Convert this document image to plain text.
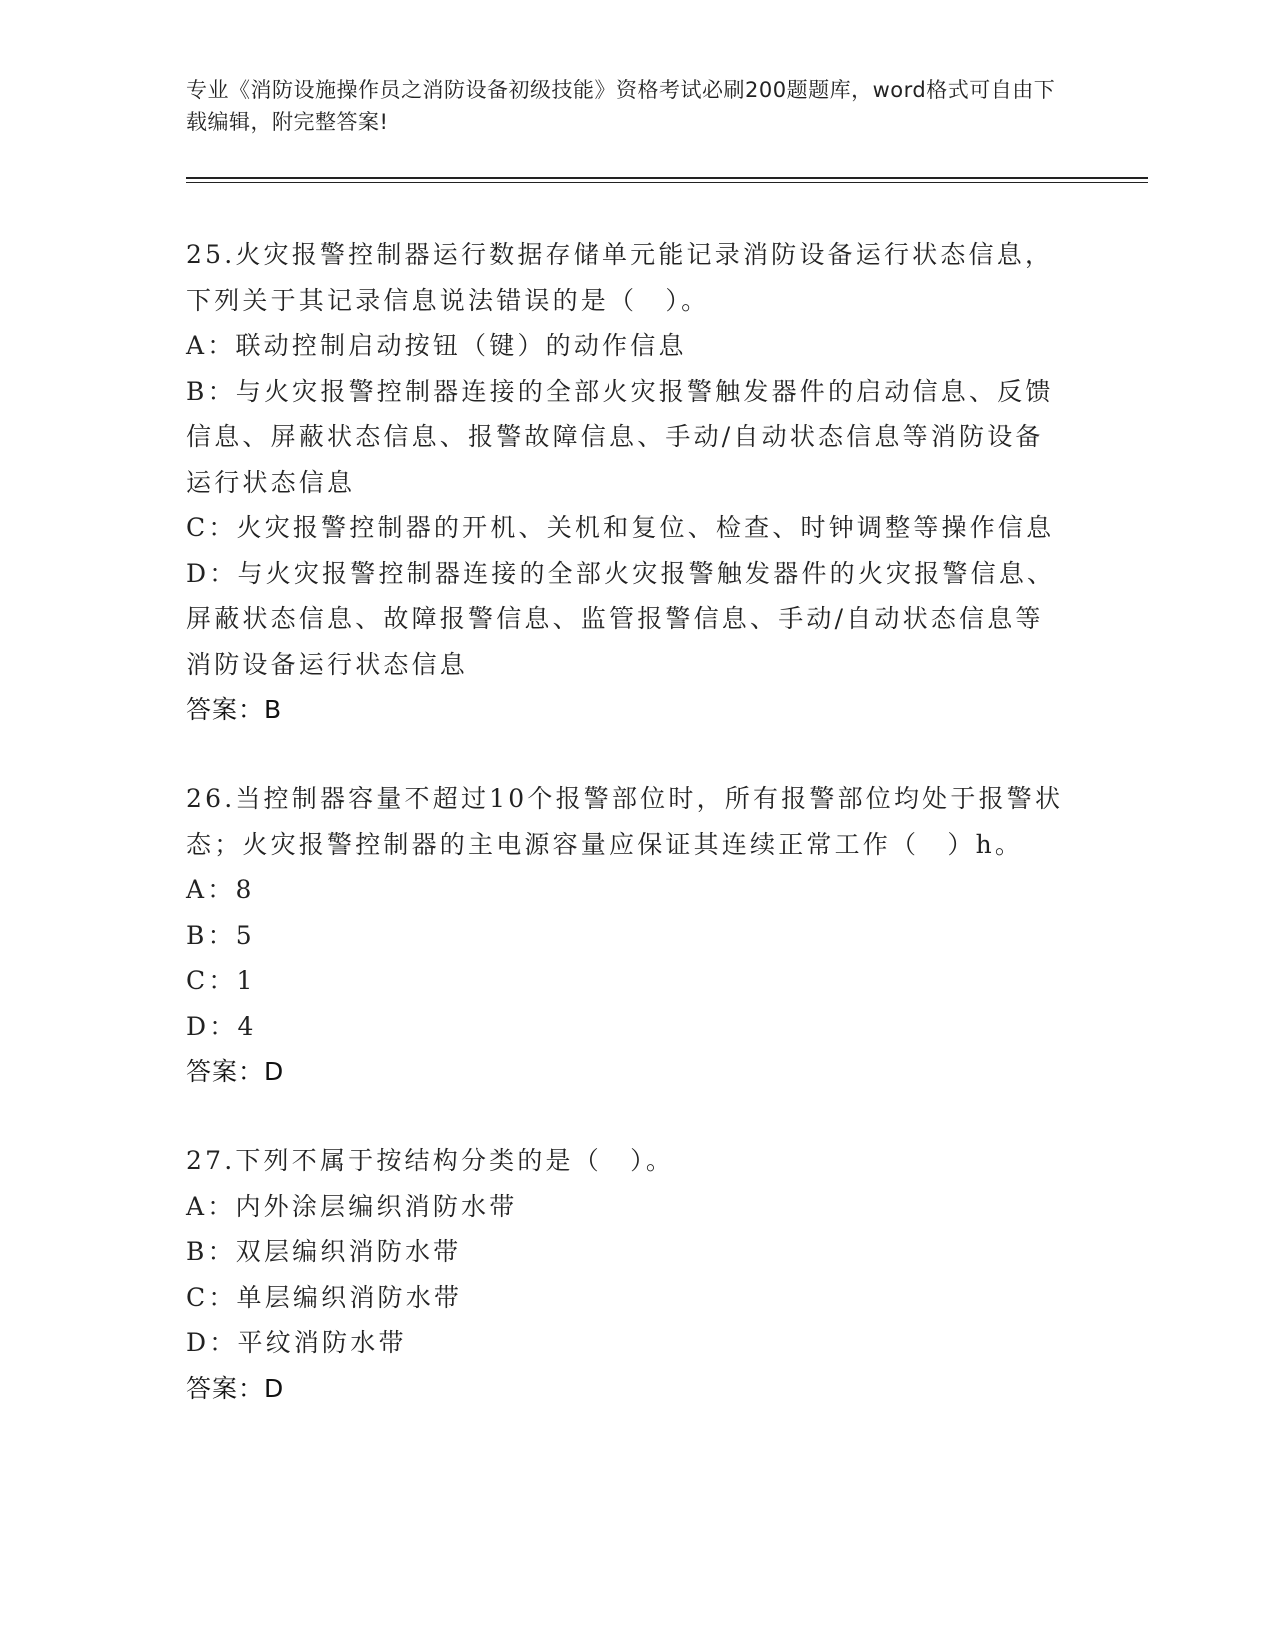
专业《消防设施操作员之消防设备初级技能》资格考试必刷200题题库，word格式可自由下载编辑，附完整答案!
25.火灾报警控制器运行数据存储单元能记录消防设备运行状态信息，下列关于其记录信息说法错误的是（　）。
A：联动控制启动按钮（键）的动作信息
B：与火灾报警控制器连接的全部火灾报警触发器件的启动信息、反馈信息、屏蔽状态信息、报警故障信息、手动/自动状态信息等消防设备运行状态信息
C：火灾报警控制器的开机、关机和复位、检查、时钟调整等操作信息
D：与火灾报警控制器连接的全部火灾报警触发器件的火灾报警信息、屏蔽状态信息、故障报警信息、监管报警信息、手动/自动状态信息等消防设备运行状态信息
答案：B
26.当控制器容量不超过10个报警部位时，所有报警部位均处于报警状态；火灾报警控制器的主电源容量应保证其连续正常工作（　）h。
A：8
B：5
C：1
D：4
答案：D
27.下列不属于按结构分类的是（　）。
A：内外涂层编织消防水带
B：双层编织消防水带
C：单层编织消防水带
D：平纹消防水带
答案：D
